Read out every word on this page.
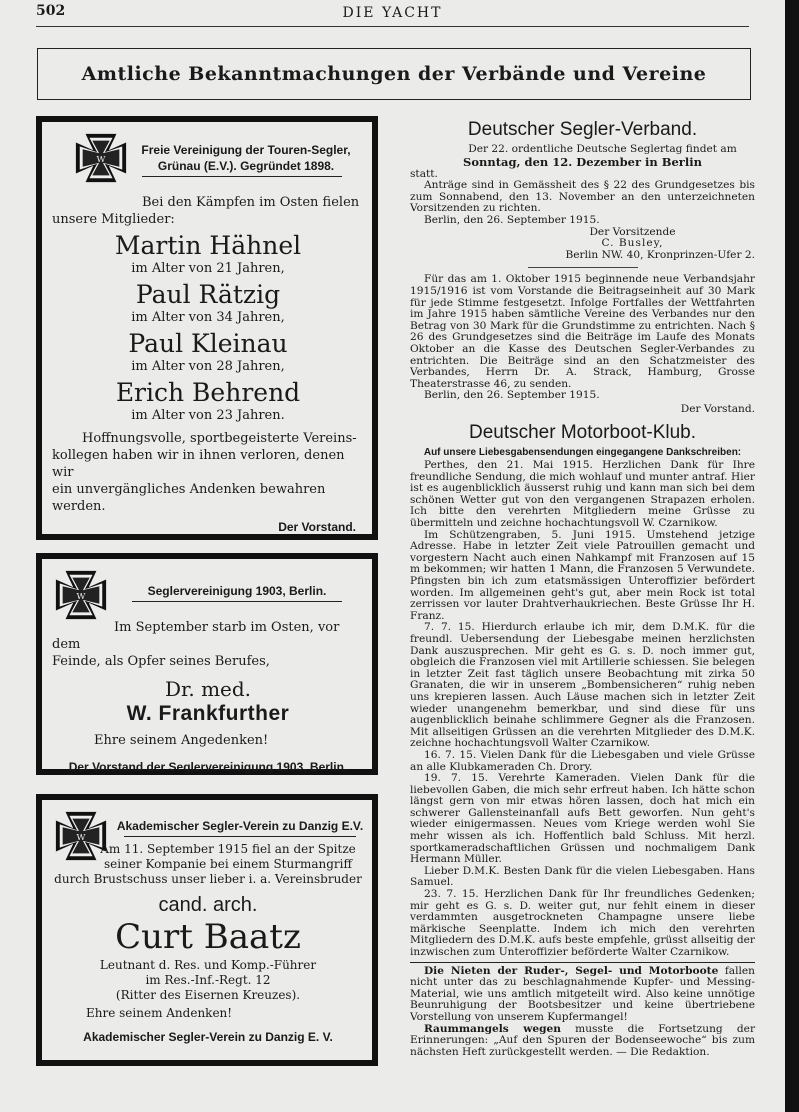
502	DIE YACHT
Amtliche Bekanntmachungen der Verbände und Vereine
W
Freie Vereinigung der Touren-Segler,
Grünau (E.V.). Gegründet 1898.
Bei den Kämpfen im Osten fielen
unsere Mitglieder:
Martin Hähnel
im Alter von 21 Jahren,
Paul Rätzig
im Alter von 34 Jahren,
Paul Kleinau
im Alter von 28 Jahren,
Erich Behrend
im Alter von 23 Jahren.
Hoffnungsvolle, sportbegeisterte Vereins-
kollegen haben wir in ihnen verloren, denen wir
ein unvergängliches Andenken bewahren werden.
Der Vorstand.
W	Seglervereinigung 1903, Berlin.
Im September starb im Osten, vor dem
Feinde, als Opfer seines Berufes,
Dr. med.
W. Frankfurther
Ehre seinem Angedenken!
Der Vorstand der Seglervereinigung 1903, Berlin.
W
Akademischer Segler-Verein zu Danzig E.V.
Am 11. September 1915 fiel an der Spitze
seiner Kompanie bei einem Sturmangriff
durch Brustschuss unser lieber i. a. Vereinsbruder
cand. arch.
Curt Baatz
Leutnant d. Res. und Komp.-Führer
im Res.-Inf.-Regt. 12
(Ritter des Eisernen Kreuzes).
Ehre seinem Andenken!
Akademischer Segler-Verein zu Danzig E. V.
Deutscher Segler-Verband.
Der 22. ordentliche Deutsche Seglertag findet am
Sonntag, den 12. Dezember in Berlin
statt.

Anträge sind in Gemässheit des § 22 des Grundgesetzes bis zum Sonnabend, den 13. November an den unterzeichneten Vorsitzenden zu richten.

Berlin, den 26. September 1915.

Der Vorsitzende
C. Busley,
Berlin NW. 40, Kronprinzen-Ufer 2.

Für das am 1. Oktober 1915 beginnende neue Verbandsjahr 1915/1916 ist vom Vorstande die Beitragseinheit auf 30 Mark für jede Stimme festgesetzt. Infolge Fortfalles der Wettfahrten im Jahre 1915 haben sämtliche Vereine des Verbandes nur den Betrag von 30 Mark für die Grundstimme zu entrichten. Nach § 26 des Grundgesetzes sind die Beiträge im Laufe des Monats Oktober an die Kasse des Deutschen Segler-Verbandes zu entrichten. Die Beiträge sind an den Schatzmeister des Verbandes, Herrn Dr. A. Strack, Hamburg, Grosse Theaterstrasse 46, zu senden.

Berlin, den 26. September 1915.

Der Vorstand.
Deutscher Motorboot-Klub.
Auf unsere Liebesgabensendungen eingegangene Dankschreiben:

Perthes, den 21. Mai 1915. Herzlichen Dank für Ihre freundliche Sendung, die mich wohlauf und munter antraf. Hier ist es augenblicklich äusserst ruhig und kann man sich bei dem schönen Wetter gut von den vergangenen Strapazen erholen. Ich bitte den verehrten Mitgliedern meine Grüsse zu übermitteln und zeichne hochachtungsvoll W. Czarnikow.

Im Schützengraben, 5. Juni 1915. Umstehend jetzige Adresse. Habe in letzter Zeit viele Patrouillen gemacht und vorgestern Nacht auch einen Nahkampf mit Franzosen auf 15 m bekommen; wir hatten 1 Mann, die Franzosen 5 Verwundete. Pfingsten bin ich zum etatsmässigen Unteroffizier befördert worden. Im allgemeinen geht's gut, aber mein Rock ist total zerrissen vor lauter Drahtverhaukriechen. Beste Grüsse Ihr H. Franz.

7. 7. 15. Hierdurch erlaube ich mir, dem D.M.K. für die freundl. Uebersendung der Liebesgabe meinen herzlichsten Dank auszusprechen. Mir geht es G. s. D. noch immer gut, obgleich die Franzosen viel mit Artillerie schiessen. Sie belegen in letzter Zeit fast täglich unsere Beobachtung mit zirka 50 Granaten, die wir in unserem „Bombensicheren“ ruhig neben uns krepieren lassen. Auch Läuse machen sich in letzter Zeit wieder unangenehm bemerkbar, und sind diese für uns augenblicklich beinahe schlimmere Gegner als die Franzosen. Mit allseitigen Grüssen an die verehrten Mitglieder des D.M.K. zeichne hochachtungsvoll Walter Czarnikow.

16. 7. 15. Vielen Dank für die Liebesgaben und viele Grüsse an alle Klubkameraden Ch. Drory.

19. 7. 15. Verehrte Kameraden. Vielen Dank für die liebevollen Gaben, die mich sehr erfreut haben. Ich hätte schon längst gern von mir etwas hören lassen, doch hat mich ein schwerer Gallensteinanfall aufs Bett geworfen. Nun geht's wieder einigermassen. Neues vom Kriege werden wohl Sie mehr wissen als ich. Hoffentlich bald Schluss. Mit herzl. sportkameradschaftlichen Grüssen und nochmaligem Dank Hermann Müller.

Lieber D.M.K. Besten Dank für die vielen Liebesgaben. Hans Samuel.

23. 7. 15. Herzlichen Dank für Ihr freundliches Gedenken; mir geht es G. s. D. weiter gut, nur fehlt einem in dieser verdammten ausgetrockneten Champagne unsere liebe märkische Seenplatte. Indem ich mich den verehrten Mitgliedern des D.M.K. aufs beste empfehle, grüsst allseitig der inzwischen zum Unteroffizier beförderte Walter Czarnikow.

Die Nieten der Ruder-, Segel- und Motorboote fallen nicht unter das zu beschlagnahmende Kupfer- und Messing-Material, wie uns amtlich mitgeteilt wird. Also keine unnötige Beunruhigung der Bootsbesitzer und keine übertriebene Vorstellung von unserem Kupfermangel!

Raummangels wegen musste die Fortsetzung der Erinnerungen: „Auf den Spuren der Bodenseewoche“ bis zum nächsten Heft zurückgestellt werden. — Die Redaktion.
